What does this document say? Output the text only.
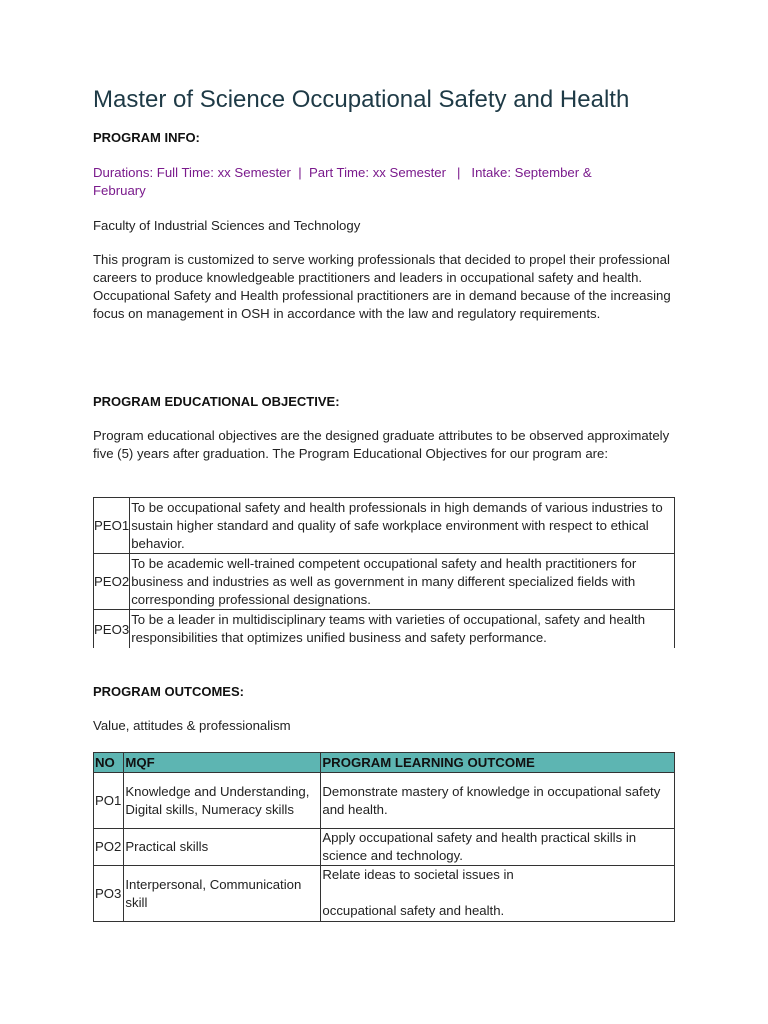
Master of Science Occupational Safety and Health
PROGRAM INFO:
Durations: Full Time: xx Semester  |  Part Time: xx Semester   |   Intake: September &
February
Faculty of Industrial Sciences and Technology
This program is customized to serve working professionals that decided to propel their professional careers to produce knowledgeable practitioners and leaders in occupational safety and health. Occupational Safety and Health professional practitioners are in demand because of the increasing focus on management in OSH in accordance with the law and regulatory requirements.
PROGRAM EDUCATIONAL OBJECTIVE:
Program educational objectives are the designed graduate attributes to be observed approximately five (5) years after graduation. The Program Educational Objectives for our program are:
PEO1	To be occupational safety and health professionals in high demands of various industries to sustain higher standard and quality of safe workplace environment with respect to ethical behavior.
PEO2	To be academic well-trained competent occupational safety and health practitioners for business and industries as well as government in many different specialized fields with corresponding professional designations.
PEO3	To be a leader in multidisciplinary teams with varieties of occupational, safety and health responsibilities that optimizes unified business and safety performance.
PROGRAM OUTCOMES:
Value, attitudes & professionalism
NO	MQF	PROGRAM LEARNING OUTCOME
PO1	Knowledge and Understanding, Digital skills, Numeracy skills	Demonstrate mastery of knowledge in occupational safety and health.
PO2	Practical skills	Apply occupational safety and health practical skills in science and technology.
PO3	Interpersonal, Communication skill	Relate ideas to societal issues in
occupational safety and health.
